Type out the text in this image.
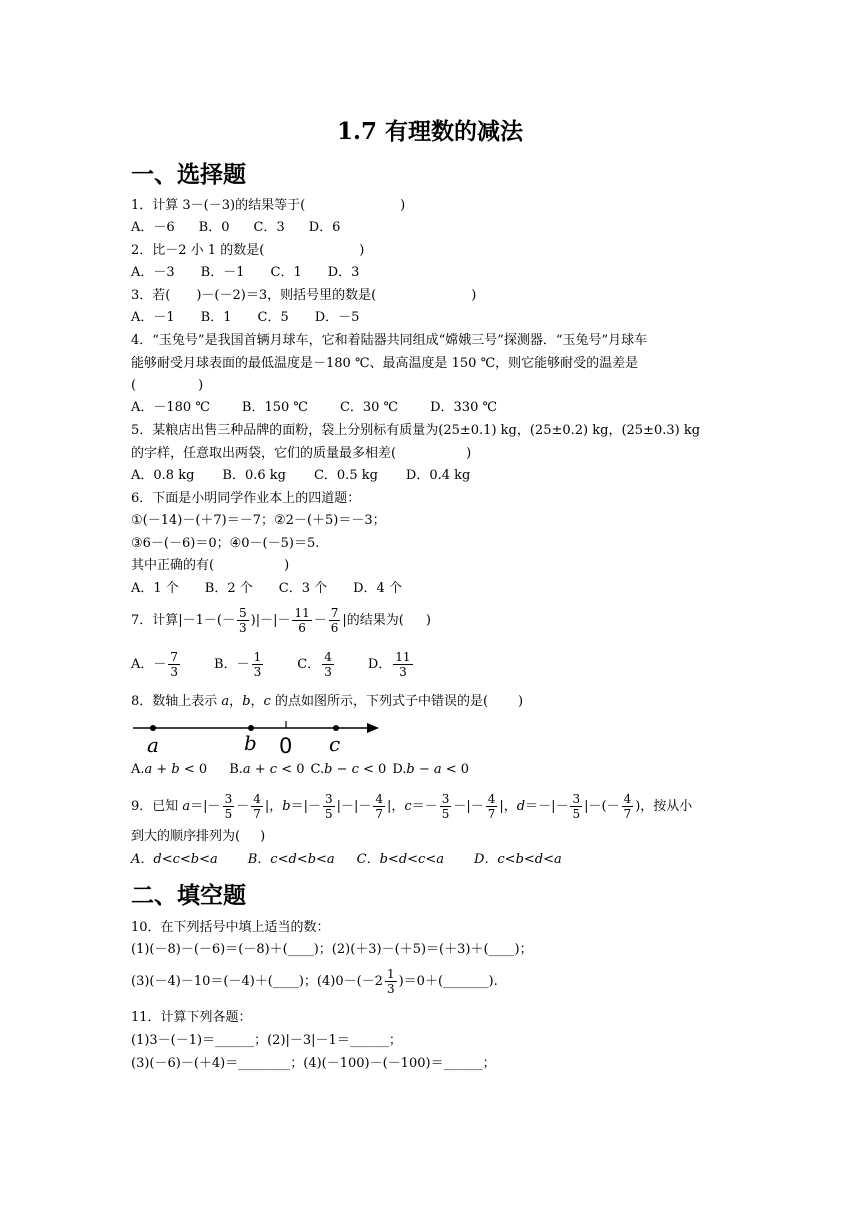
1.7 有理数的减法
一、选择题
1．计算 3－(－3)的结果等于(	)
A．－6 B．0 C．3 D．6
2．比－2 小 1 的数是(	)
A．－3 B．－1 C．1 D．3
3．若( )－(－2)＝3，则括号里的数是(	)
A．－1 B．1 C．5 D．－5
4．“玉兔号”是我国首辆月球车，它和着陆器共同组成“嫦娥三号”探测器．“玉兔号”月球车
能够耐受月球表面的最低温度是－180 ℃、最高温度是 150 ℃，则它能够耐受的温差是
(	)
A．－180 ℃ B．150 ℃ C．30 ℃ D．330 ℃
5．某粮店出售三种品牌的面粉，袋上分别标有质量为(25±0.1) kg，(25±0.2) kg，(25±0.3) kg
的字样，任意取出两袋，它们的质量最多相差(	)
A．0.8 kg B．0.6 kg C．0.5 kg D．0.4 kg
6．下面是小明同学作业本上的四道题：
①(－14)－(＋7)＝－7；②2－(＋5)＝－3；
③6－(－6)＝0；④0－(－5)＝5.
其中正确的有(	)
A．1 个 B．2 个 C．3 个 D．4 个
7．计算$|-1-(- \frac{5}{3}$ )|－|－ $\frac{11}{6} - \frac{7}{6}$ |的结果为( )
A．－ $\frac{7}{3}$	B．－ $\frac{1}{3}$	C． $\frac{4}{3}$	D． $\frac{11}{3}$
8．数轴上表示 a，b，c 的点如图所示，下列式子中错误的是( )
a	b 0 c
A.𝑎 + 𝑏 < 0 B.𝑎 + 𝑐 < 0 C.𝑏 − 𝑐 < 0 D.𝑏 − 𝑎 < 0
9．已知 $a=|- \frac{3}{5} - \frac{4}{7}$ |，$b=|- \frac{3}{5}$ |－|－ $\frac{4}{7}$ |，$c=- \frac{3}{5}$ －|－ $\frac{4}{7}$ |，$d=-|- \frac{3}{5}$ |－(－ $\frac{4}{7}$ )，按从小
到大的顺序排列为( )
A．d<c<b<a B．c<d<b<a C．b<d<c<a D．c<b<d<a
二、填空题
10．在下列括号中填上适当的数：
(1)(－8)－(－6)＝(－8)＋(____)；(2)(＋3)－(＋5)＝(＋3)＋(____)；
(3)(－4)－10＝(－4)＋(____)；$(4)0-(-2 \frac{1}{3}$ )＝0＋(_______).
11．计算下列各题：
(1)3－(－1)＝______；(2)|－3|－1＝______；
(3)(－6)－(＋4)＝________；(4)(－100)－(－100)＝______；
